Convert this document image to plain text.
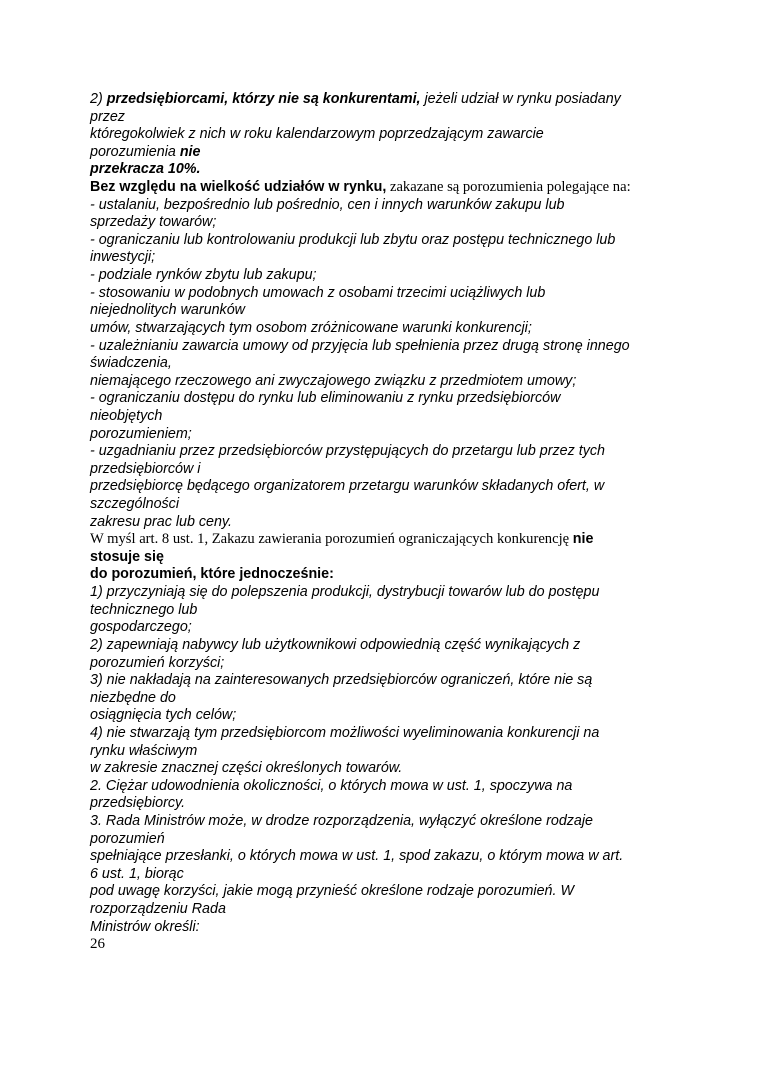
2) przedsiębiorcami, którzy nie są konkurentami, jeżeli udział w rynku posiadany
przez
któregokolwiek z nich w roku kalendarzowym poprzedzającym zawarcie
porozumienia nie
przekracza 10%.
Bez względu na wielkość udziałów w rynku, zakazane są porozumienia polegające na:
- ustalaniu, bezpośrednio lub pośrednio, cen i innych warunków zakupu lub
sprzedaży towarów;
- ograniczaniu lub kontrolowaniu produkcji lub zbytu oraz postępu technicznego lub
inwestycji;
- podziale rynków zbytu lub zakupu;
- stosowaniu w podobnych umowach z osobami trzecimi uciążliwych lub
niejednolitych warunków
umów, stwarzających tym osobom zróżnicowane warunki konkurencji;
- uzależnianiu zawarcia umowy od przyjęcia lub spełnienia przez drugą stronę innego
świadczenia,
niemającego rzeczowego ani zwyczajowego związku z przedmiotem umowy;
- ograniczaniu dostępu do rynku lub eliminowaniu z rynku przedsiębiorców
nieobjętych
porozumieniem;
- uzgadnianiu przez przedsiębiorców przystępujących do przetargu lub przez tych
przedsiębiorców i
przedsiębiorcę będącego organizatorem przetargu warunków składanych ofert, w
szczególności
zakresu prac lub ceny.
W myśl art. 8 ust. 1, Zakazu zawierania porozumień ograniczających konkurencję nie
stosuje się
do porozumień, które jednocześnie:
1) przyczyniają się do polepszenia produkcji, dystrybucji towarów lub do postępu
technicznego lub
gospodarczego;
2) zapewniają nabywcy lub użytkownikowi odpowiednią część wynikających z
porozumień korzyści;
3) nie nakładają na zainteresowanych przedsiębiorców ograniczeń, które nie są
niezbędne do
osiągnięcia tych celów;
4) nie stwarzają tym przedsiębiorcom możliwości wyeliminowania konkurencji na
rynku właściwym
w zakresie znacznej części określonych towarów.
2. Ciężar udowodnienia okoliczności, o których mowa w ust. 1, spoczywa na
przedsiębiorcy.
3. Rada Ministrów może, w drodze rozporządzenia, wyłączyć określone rodzaje
porozumień
spełniające przesłanki, o których mowa w ust. 1, spod zakazu, o którym mowa w art.
6 ust. 1, biorąc
pod uwagę korzyści, jakie mogą przynieść określone rodzaje porozumień. W
rozporządzeniu Rada
Ministrów określi:
26
